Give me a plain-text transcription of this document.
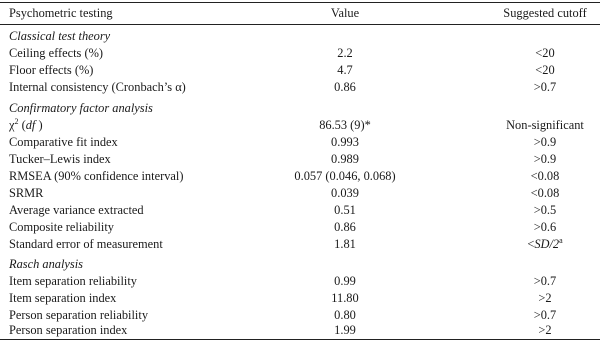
Psychometric testing	Value	Suggested cutoff
Classical test theory
Ceiling effects (%)	2.2	<20
Floor effects (%)	4.7	<20
Internal consistency (Cronbach’s α)	0.86	>0.7
Confirmatory factor analysis
$\chi^2$ (df )	86.53 (9)*	Non-significant
Comparative fit index	0.993	>0.9
Tucker–Lewis index	0.989	>0.9
RMSEA (90% confidence interval)	0.057 (0.046, 0.068)	<0.08
SRMR	0.039	<0.08
Average variance extracted	0.51	>0.5
Composite reliability	0.86	>0.6
Standard error of measurement	1.81	$<SD/2^a$
Rasch analysis
Item separation reliability	0.99	>0.7
Item separation index	11.80	>2
Person separation reliability	0.80	>0.7
Person separation index	1.99	>2
